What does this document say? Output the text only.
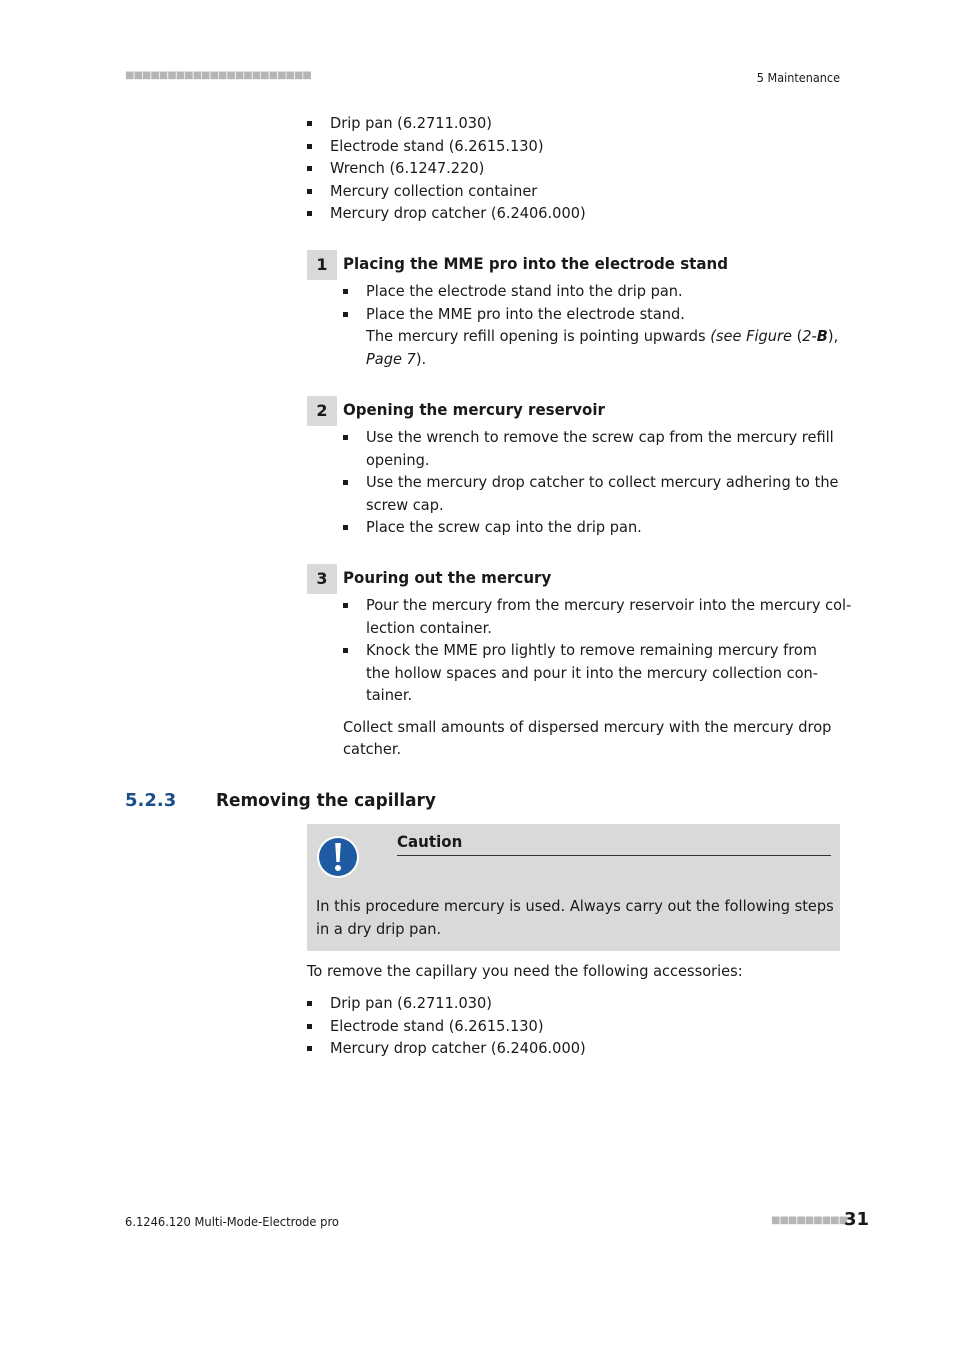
■■■■■■■■■■■■■■■■■■■■■■	5 Maintenance
Drip pan (6.2711.030)
Electrode stand (6.2615.130)
Wrench (6.1247.220)
Mercury collection container
Mercury drop catcher (6.2406.000)
1 Placing the MME pro into the electrode stand
Place the electrode stand into the drip pan.
Place the MME pro into the electrode stand.
The mercury refill opening is pointing upwards (see Figure (2-B),
Page 7).
2 Opening the mercury reservoir
Use the wrench to remove the screw cap from the mercury refill
opening.
Use the mercury drop catcher to collect mercury adhering to the
screw cap.
Place the screw cap into the drip pan.
3 Pouring out the mercury
Pour the mercury from the mercury reservoir into the mercury col-
lection container.
Knock the MME pro lightly to remove remaining mercury from
the hollow spaces and pour it into the mercury collection con-
tainer.
Collect small amounts of dispersed mercury with the mercury drop
catcher.
5.2.3 Removing the capillary
Caution
In this procedure mercury is used. Always carry out the following steps
in a dry drip pan.
To remove the capillary you need the following accessories:
Drip pan (6.2711.030)
Electrode stand (6.2615.130)
Mercury drop catcher (6.2406.000)
6.1246.120 Multi-Mode-Electrode pro	■■■■■■■■■
31
